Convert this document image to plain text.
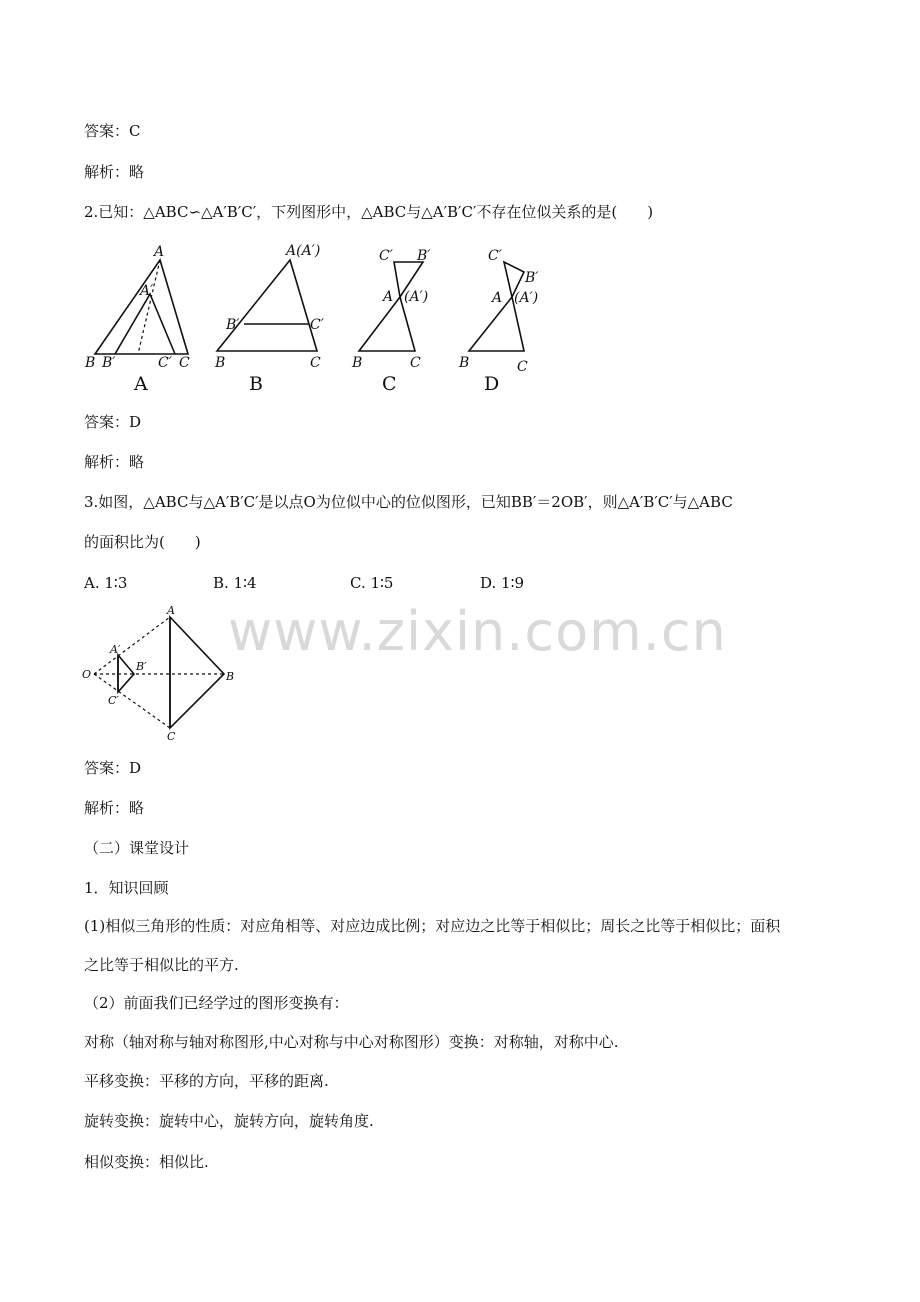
答案：C
解析：略
2.已知：△ABC∽△A′B′C′，下列图形中，△ABC与△A′B′C′不存在位似关系的是(　　)
A
A′
B B′	C′ C
A
A(A′)
B′	C′
B	C
B
C′ B′
A (A′)
B	C
C
C′
B′
A (A′)
B	C
D
答案：D
解析：略
3.如图，△ABC与△A′B′C′是以点O为位似中心的位似图形，已知BB′＝2OB′，则△A′B′C′与△ABC
的面积比为(　　)
A. 1∶3	B. 1∶4	C. 1∶5	D. 1∶9
A
A′
O
B′
B
C′
C
www.zixin.com.cn
答案：D
解析：略
（二）课堂设计
1．知识回顾
(1)相似三角形的性质：对应角相等、对应边成比例；对应边之比等于相似比；周长之比等于相似比；面积
之比等于相似比的平方.
（2）前面我们已经学过的图形变换有：
对称（轴对称与轴对称图形,中心对称与中心对称图形）变换：对称轴，对称中心.
平移变换：平移的方向，平移的距离.
旋转变换：旋转中心，旋转方向，旋转角度.
相似变换：相似比.
